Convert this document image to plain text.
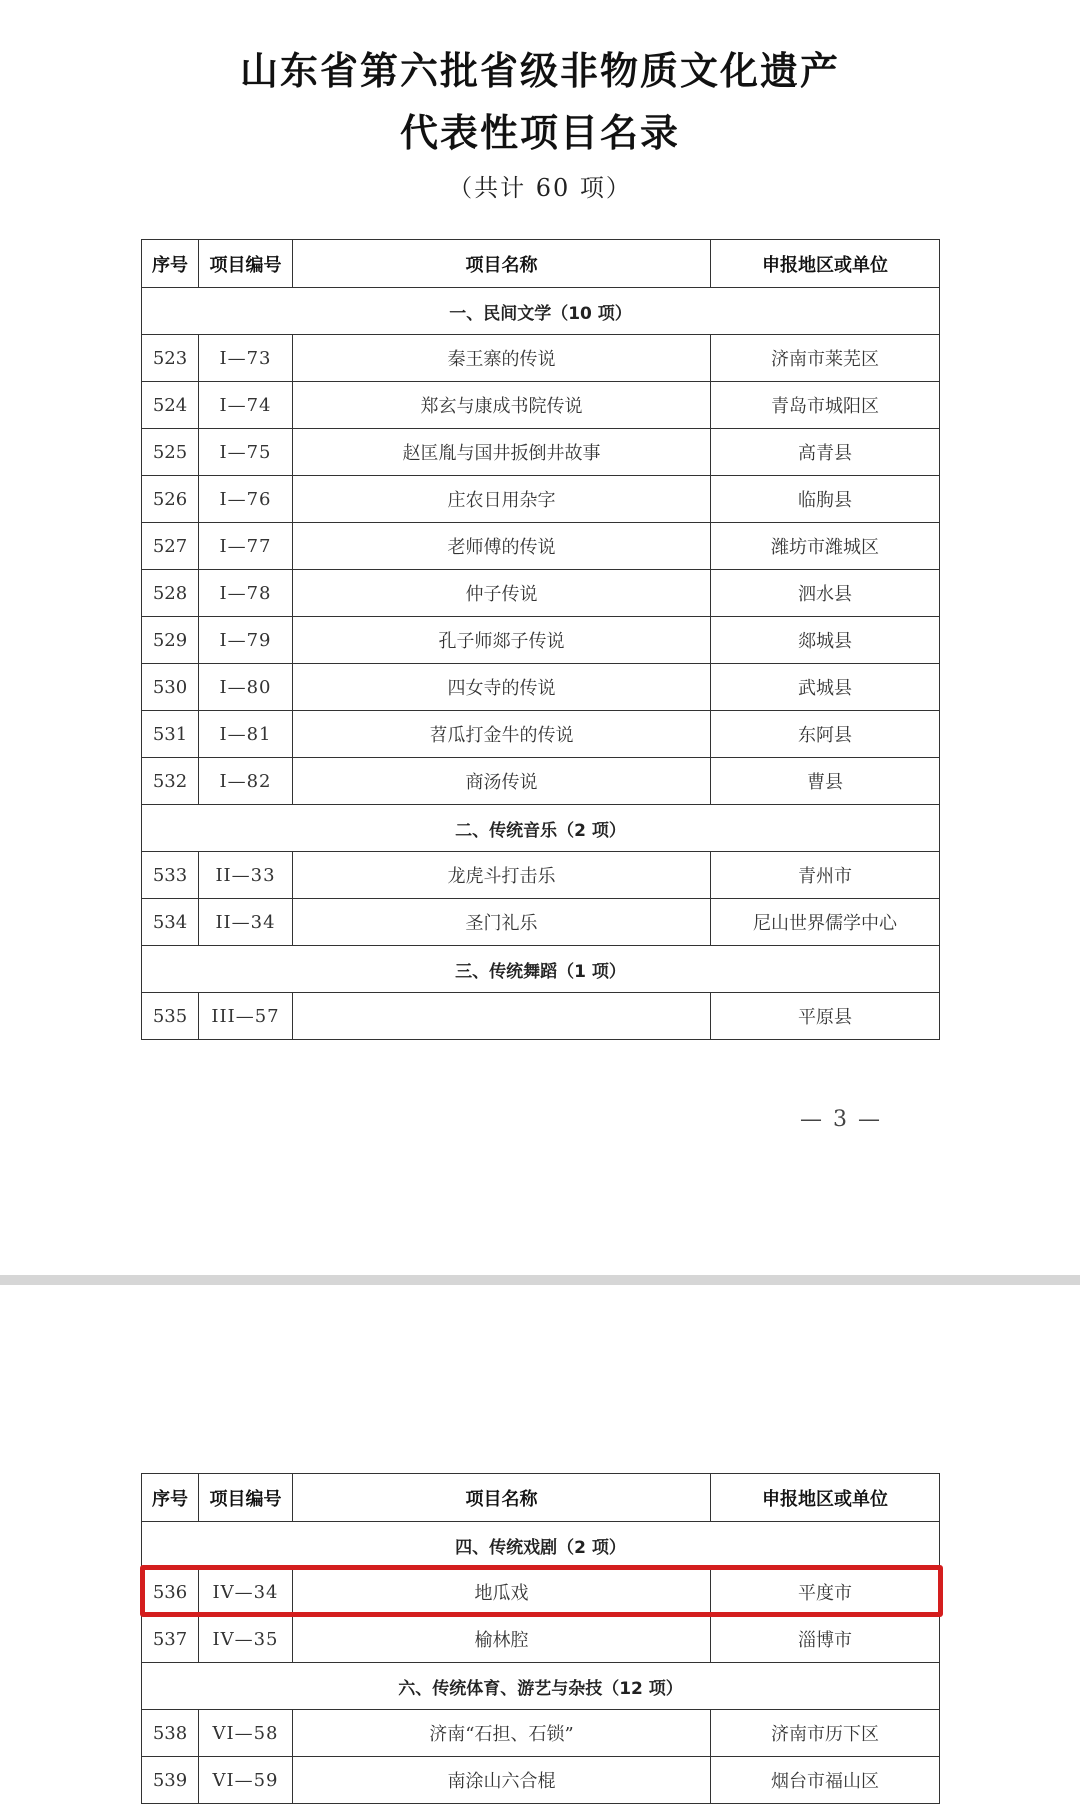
山东省第六批省级非物质文化遗产
代表性项目名录
（共计 60 项）
序号	项目编号	项目名称	申报地区或单位
一、民间文学（10 项）			
523	I—73	秦王寨的传说	济南市莱芜区
524	I—74	郑玄与康成书院传说	青岛市城阳区
525	I—75	赵匡胤与国井扳倒井故事	高青县
526	I—76	庄农日用杂字	临朐县
527	I—77	老师傅的传说	潍坊市潍城区
528	I—78	仲子传说	泗水县
529	I—79	孔子师郯子传说	郯城县
530	I—80	四女寺的传说	武城县
531	I—81	苕瓜打金牛的传说	东阿县
532	I—82	商汤传说	曹县
二、传统音乐（2 项）			
533	II—33	龙虎斗打击乐	青州市
534	II—34	圣门礼乐	尼山世界儒学中心
三、传统舞蹈（1 项）			
535	III—57		平原县
— 3 —
序号	项目编号	项目名称	申报地区或单位
四、传统戏剧（2 项）			
536	IV—34	地瓜戏	平度市
537	IV—35	榆林腔	淄博市
六、传统体育、游艺与杂技（12 项）			
538	VI—58	济南“石担、石锁”	济南市历下区
539	VI—59	南涂山六合棍	烟台市福山区
